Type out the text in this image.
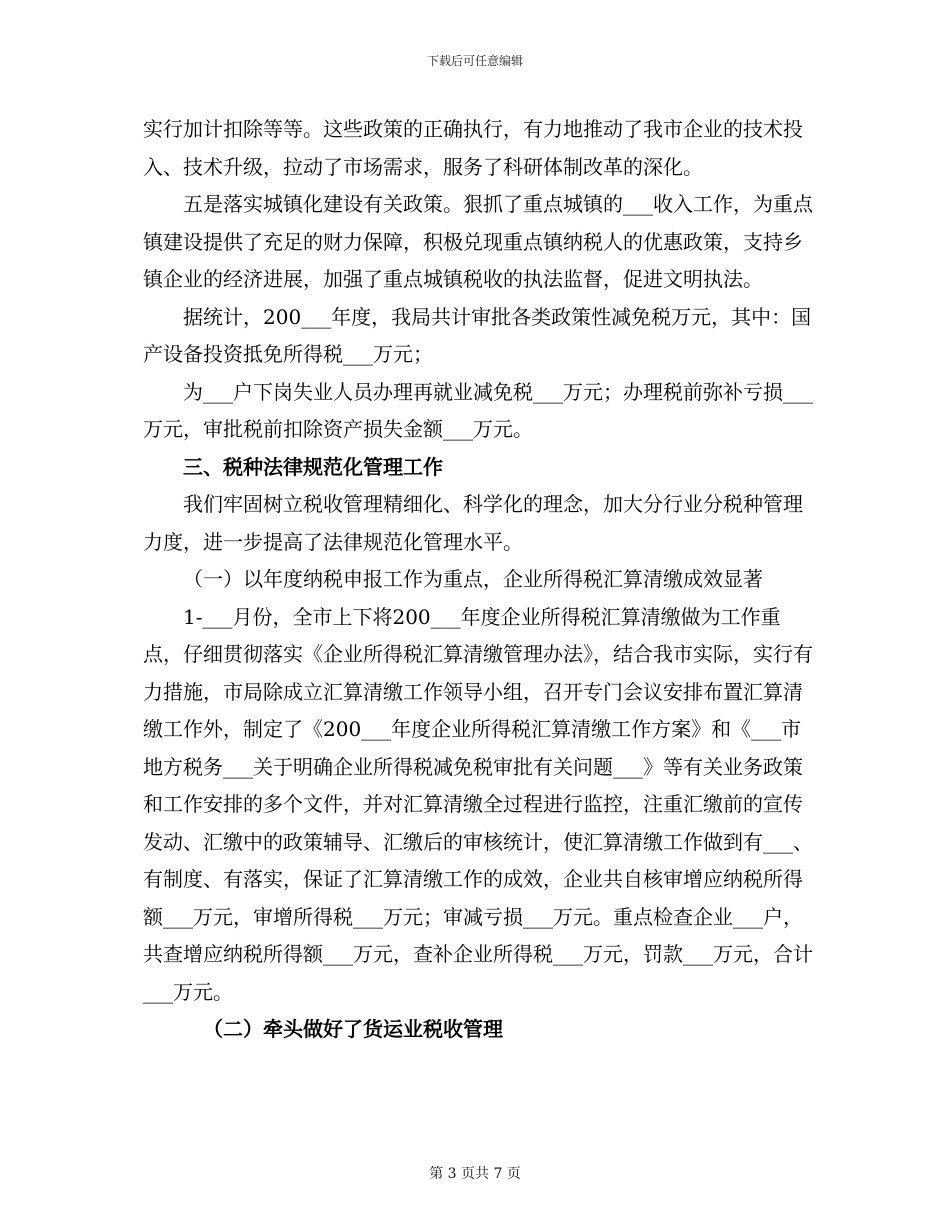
下载后可任意编辑

实行加计扣除等等。这些政策的正确执行，有力地推动了我市企业的技术投入、技术升级，拉动了市场需求，服务了科研体制改革的深化。

五是落实城镇化建设有关政策。狠抓了重点城镇的___收入工作，为重点镇建设提供了充足的财力保障，积极兑现重点镇纳税人的优惠政策，支持乡镇企业的经济进展，加强了重点城镇税收的执法监督，促进文明执法。

据统计，200___年度，我局共计审批各类政策性减免税万元，其中：国产设备投资抵免所得税___万元；

为___户下岗失业人员办理再就业减免税___万元；办理税前弥补亏损___万元，审批税前扣除资产损失金额___万元。

三、税种法律规范化管理工作

我们牢固树立税收管理精细化、科学化的理念，加大分行业分税种管理力度，进一步提高了法律规范化管理水平。

（一）以年度纳税申报工作为重点，企业所得税汇算清缴成效显著

1-___月份，全市上下将200___年度企业所得税汇算清缴做为工作重点，仔细贯彻落实《企业所得税汇算清缴管理办法》，结合我市实际，实行有力措施，市局除成立汇算清缴工作领导小组，召开专门会议安排布置汇算清缴工作外，制定了《200___年度企业所得税汇算清缴工作方案》和《___市地方税务___关于明确企业所得税减免税审批有关问题___》等有关业务政策和工作安排的多个文件，并对汇算清缴全过程进行监控，注重汇缴前的宣传发动、汇缴中的政策辅导、汇缴后的审核统计，使汇算清缴工作做到有___、有制度、有落实，保证了汇算清缴工作的成效，企业共自核审增应纳税所得额___万元，审增所得税___万元；审减亏损___万元。重点检查企业___户，共查增应纳税所得额___万元，查补企业所得税___万元，罚款___万元，合计___万元。

（二）牵头做好了货运业税收管理

第 3 页共 7 页
